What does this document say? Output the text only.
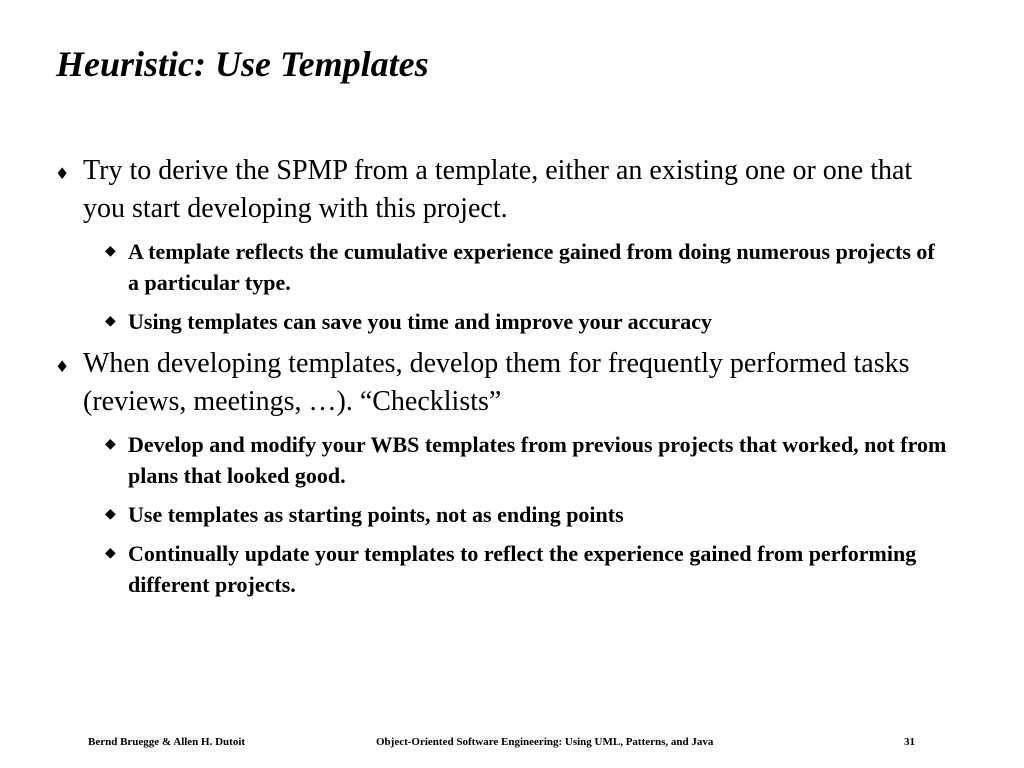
Heuristic: Use Templates
♦ Try to derive the SPMP from a template, either an existing one or one that you start developing with this project.
◆ A template reflects the cumulative experience gained from doing numerous projects of a particular type.
◆ Using templates can save you time and improve your accuracy
♦ When developing templates, develop them for frequently performed tasks (reviews, meetings, …). “Checklists”
◆ Develop and modify your WBS templates from previous projects that worked, not from plans that looked good.
◆ Use templates as starting points, not as ending points
◆ Continually update your templates to reflect the experience gained from performing different projects.
Bernd Bruegge & Allen H. Dutoit	Object-Oriented Software Engineering: Using UML, Patterns, and Java	31
